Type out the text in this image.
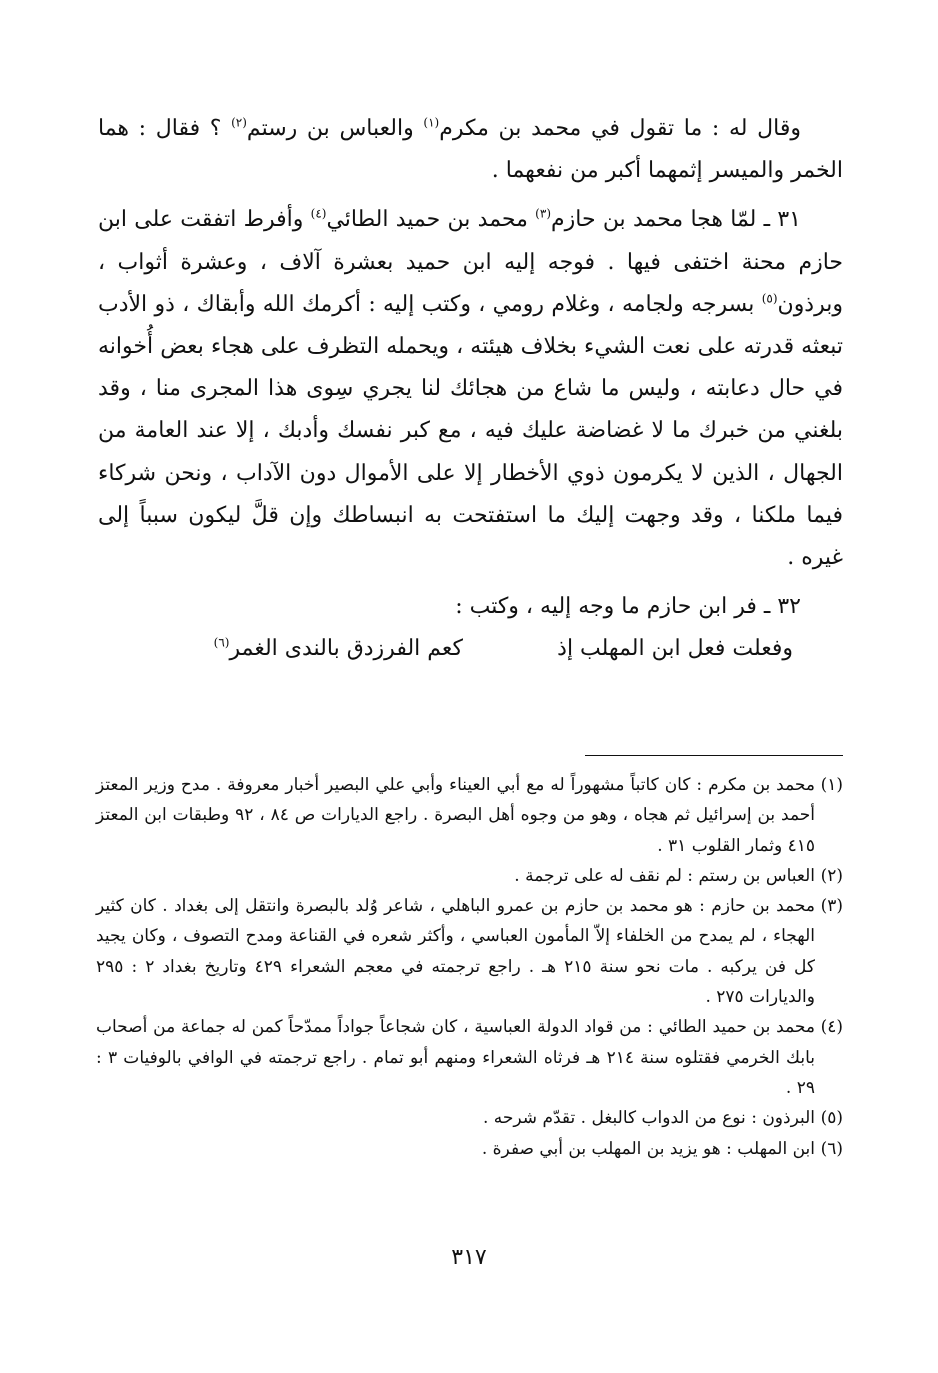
وقال له : ما تقول في محمد بن مكرم$^{(١)}$ والعباس بن رستم$^{(٢)}$ ؟ فقال : هما الخمر والميسر إثمهما أكبر من نفعهما .

٣١ ـ لمّا هجا محمد بن حازم$^{(٣)}$ محمد بن حميد الطائي$^{(٤)}$ وأفرط اتفقت على ابن حازم محنة اختفى فيها . فوجه إليه ابن حميد بعشرة آلاف ، وعشرة أثواب ، وبرذون$^{(٥)}$ بسرجه ولجامه ، وغلام رومي ، وكتب إليه : أكرمك الله وأبقاك ، ذو الأدب تبعثه قدرته على نعت الشيء بخلاف هيئته ، ويحمله التظرف على هجاء بعض أُخوانه في حال دعابته ، وليس ما شاع من هجائك لنا يجري سِوى هذا المجرى منا ، وقد بلغني من خبرك ما لا غضاضة عليك فيه ، مع كبر نفسك وأدبك ، إلا عند العامة من الجهال ، الذين لا يكرمون ذوي الأخطار إلا على الأموال دون الآداب ، ونحن شركاء فيما ملكنا ، وقد وجهت إليك ما استفتحت به انبساطك وإن قلَّ ليكون سبباً إلى غيره .

٣٢ ـ فر ابن حازم ما وجه إليه ، وكتب :

وفعلت فعل ابن المهلب إذ
كعم الفرزدق بالندى الغمر$^{(٦)}$

(١)
محمد بن مكرم : كان كاتباً مشهوراً له مع أبي العيناء وأبي علي البصير أخبار معروفة . مدح وزير المعتز أحمد بن إسرائيل ثم هجاه ، وهو من وجوه أهل البصرة . راجع الديارات ص ٨٤ ، ٩٢ وطبقات ابن المعتز ٤١٥ وثمار القلوب ٣١ .

(٢)
العباس بن رستم : لم نقف له على ترجمة .

(٣)
محمد بن حازم : هو محمد بن حازم بن عمرو الباهلي ، شاعر وُلد بالبصرة وانتقل إلى بغداد . كان كثير الهجاء ، لم يمدح من الخلفاء إلاّ المأمون العباسي ، وأكثر شعره في القناعة ومدح التصوف ، وكان يجيد كل فن يركبه . مات نحو سنة ٢١٥ هـ . راجع ترجمته في معجم الشعراء ٤٢٩ وتاريخ بغداد ٢ : ٢٩٥ والديارات ٢٧٥ .

(٤)
محمد بن حميد الطائي : من قواد الدولة العباسية ، كان شجاعاً جواداً ممدّحاً كمن له جماعة من أصحاب بابك الخرمي فقتلوه سنة ٢١٤ هـ فرثاه الشعراء ومنهم أبو تمام . راجع ترجمته في الوافي بالوفيات ٣ : ٢٩ .

(٥)
البرذون : نوع من الدواب كالبغل . تقدّم شرحه .

(٦)
ابن المهلب : هو يزيد بن المهلب بن أبي صفرة .

٣١٧
